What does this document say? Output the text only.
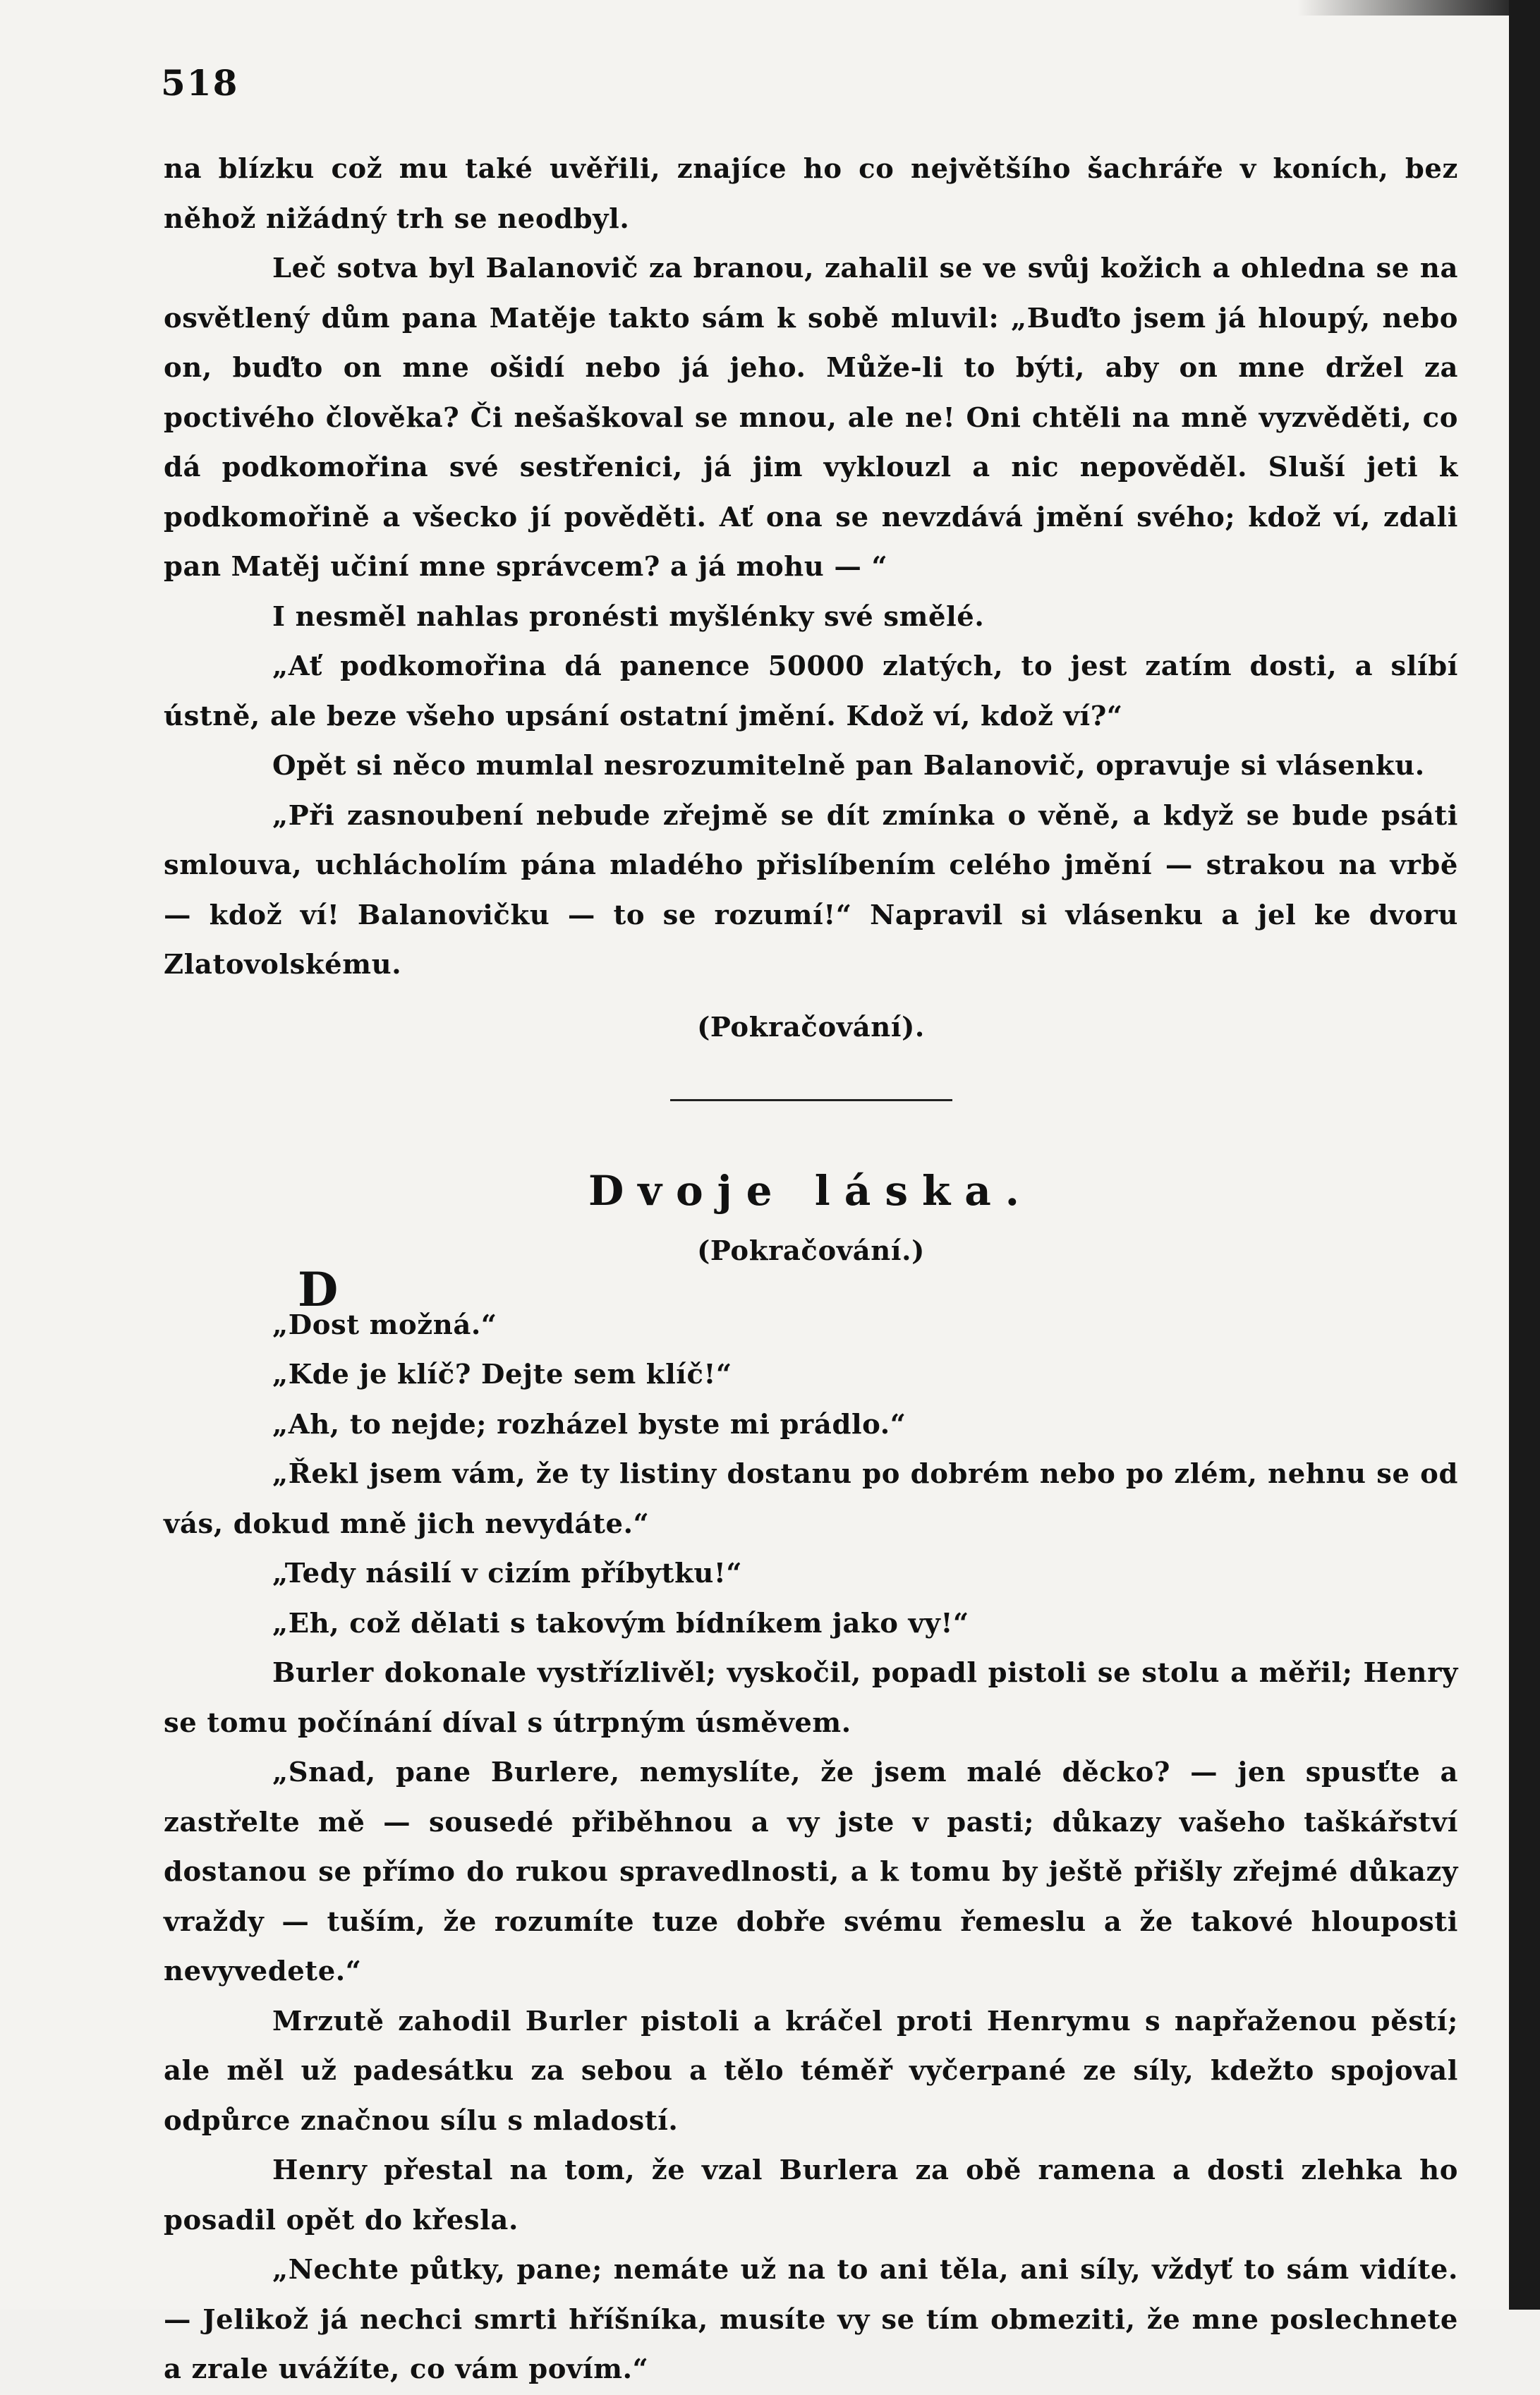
518

na blízku což mu také uvěřili, znajíce ho co největšího šachráře v koních, bez něhož nižádný trh se neodbyl.

Leč sotva byl Balanovič za branou, zahalil se ve svůj kožich a ohledna se na osvětlený dům pana Matěje takto sám k sobě mluvil: „Buďto jsem já hloupý, nebo on, buďto on mne ošidí nebo já jeho. Může-li to býti, aby on mne držel za poctivého člověka? Či nešaškoval se mnou, ale ne! Oni chtěli na mně vyzvěděti, co dá podkomořina své sestřenici, já jim vyklouzl a nic nepověděl. Sluší jeti k podkomořině a všecko jí pověděti. Ať ona se nevzdává jmění svého; kdož ví, zdali pan Matěj učiní mne správcem? a já mohu — “

I nesměl nahlas pronésti myšlénky své smělé.

„Ať podkomořina dá panence 50000 zlatých, to jest zatím dosti, a slíbí ústně, ale beze všeho upsání ostatní jmění. Kdož ví, kdož ví?“

Opět si něco mumlal nesrozumitelně pan Balanovič, opravuje si vlásenku.

„Při zasnoubení nebude zřejmě se dít zmínka o věně, a když se bude psáti smlouva, uchlácholím pána mladého přislíbením celého jmění — strakou na vrbě — kdož ví! Balanovičku — to se rozumí!“ Napravil si vlásenku a jel ke dvoru Zlatovolskému.

(Pokračování).

Dvoje láska.

(Pokračování.)

D

„Dost možná.“

„Kde je klíč? Dejte sem klíč!“

„Ah, to nejde; rozházel byste mi prádlo.“

„Řekl jsem vám, že ty listiny dostanu po dobrém nebo po zlém, nehnu se od vás, dokud mně jich nevydáte.“

„Tedy násilí v cizím příbytku!“

„Eh, což dělati s takovým bídníkem jako vy!“

Burler dokonale vystřízlivěl; vyskočil, popadl pistoli se stolu a měřil; Henry se tomu počínání díval s útrpným úsměvem.

„Snad, pane Burlere, nemyslíte, že jsem malé děcko? — jen spusťte a zastřelte mě — sousedé přiběhnou a vy jste v pasti; důkazy vašeho taškářství dostanou se přímo do rukou spravedlnosti, a k tomu by ještě přišly zřejmé důkazy vraždy — tuším, že rozumíte tuze dobře svému řemeslu a že takové hlouposti nevyvedete.“

Mrzutě zahodil Burler pistoli a kráčel proti Henrymu s napřaženou pěstí; ale měl už padesátku za sebou a tělo téměř vyčerpané ze síly, kdežto spojoval odpůrce značnou sílu s mladostí.

Henry přestal na tom, že vzal Burlera za obě ramena a dosti zlehka ho posadil opět do křesla.

„Nechte půtky, pane; nemáte už na to ani těla, ani síly, vždyť to sám vidíte. — Jelikož já nechci smrti hříšníka, musíte vy se tím obmeziti, že mne poslechnete a zrale uvážíte, co vám povím.“
